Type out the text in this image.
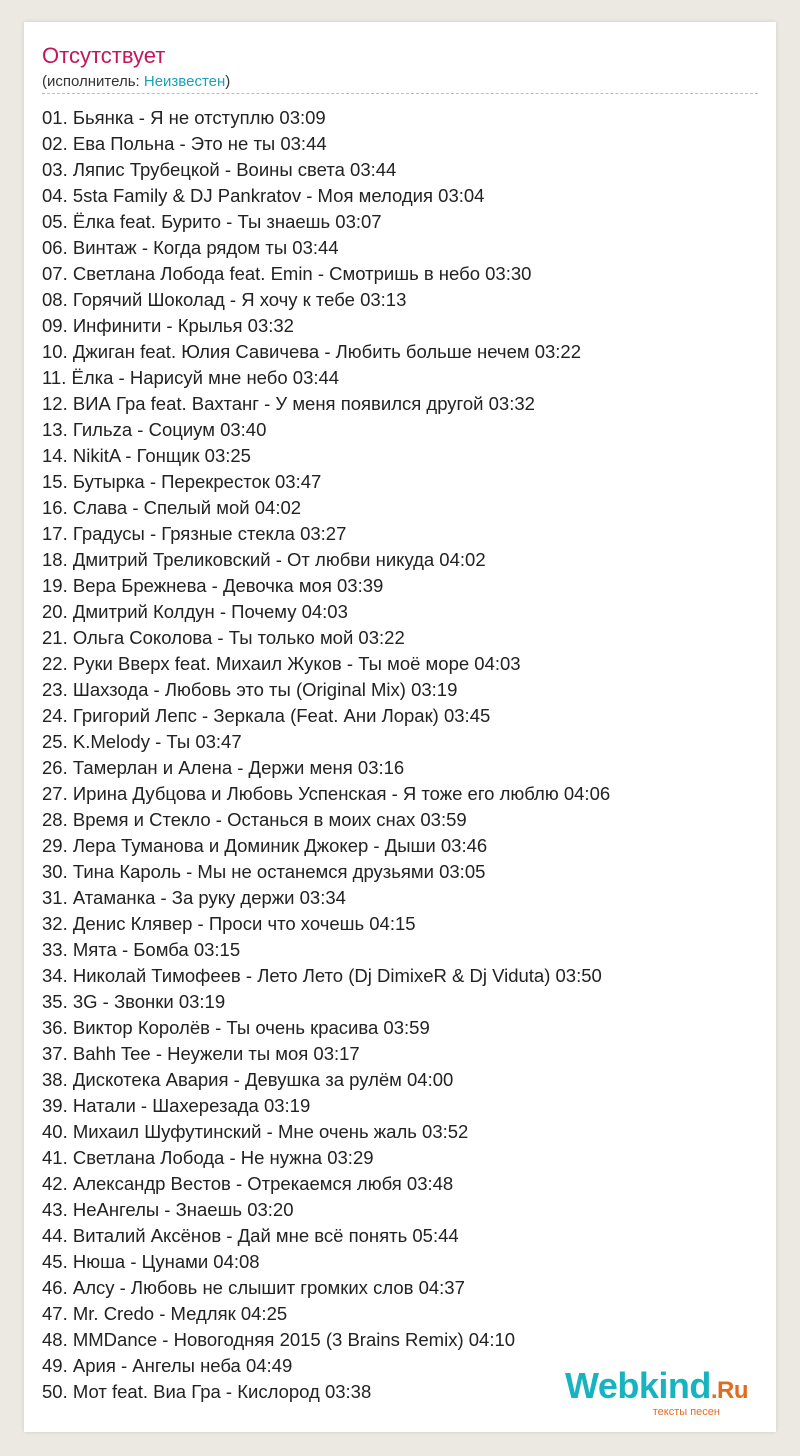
Отсутствует
(исполнитель: Неизвестен)
01. Бьянка - Я не отступлю 03:09
02. Ева Польна - Это не ты 03:44
03. Ляпис Трубецкой - Воины света 03:44
04. 5sta Family & DJ Pankratov - Моя мелодия 03:04
05. Ёлка feat. Бурито - Ты знаешь 03:07
06. Винтаж - Когда рядом ты 03:44
07. Светлана Лобода feat. Emin - Смотришь в небо 03:30
08. Горячий Шоколад - Я хочу к тебе 03:13
09. Инфинити - Крылья 03:32
10. Джиган feat. Юлия Савичева - Любить больше нечем 03:22
11. Ёлка - Нарисуй мне небо 03:44
12. ВИА Гра feat. Вахтанг - У меня появился другой 03:32
13. Гильzа - Социум 03:40
14. NikitA - Гонщик 03:25
15. Бутырка - Перекресток 03:47
16. Слава - Спелый мой 04:02
17. Градусы - Грязные стекла 03:27
18. Дмитрий Треликовский - От любви никуда 04:02
19. Вера Брежнева - Девочка моя 03:39
20. Дмитрий Колдун - Почему 04:03
21. Ольга Соколова - Ты только мой 03:22
22. Руки Вверх feat. Михаил Жуков - Ты моё море 04:03
23. Шахзода - Любовь это ты (Original Mix) 03:19
24. Григорий Лепс - Зеркала (Feat. Ани Лорак) 03:45
25. K.Melody - Ты 03:47
26. Тамерлан и Алена - Держи меня 03:16
27. Ирина Дубцова и Любовь Успенская - Я тоже его люблю 04:06
28. Время и Стекло - Останься в моих снах 03:59
29. Лера Туманова и Доминик Джокер - Дыши 03:46
30. Тина Кароль - Мы не останемся друзьями 03:05
31. Атаманка - За руку держи 03:34
32. Денис Клявер - Проси что хочешь 04:15
33. Мята - Бомба 03:15
34. Николай Тимофеев - Лето Лето (Dj DimixeR & Dj Viduta) 03:50
35. 3G - Звонки 03:19
36. Виктор Королёв - Ты очень красива 03:59
37. Bahh Tee - Неужели ты моя 03:17
38. Дискотека Авария - Девушка за рулём 04:00
39. Натали - Шахерезада 03:19
40. Михаил Шуфутинский - Мне очень жаль 03:52
41. Светлана Лобода - Не нужна 03:29
42. Александр Вестов - Отрекаемся любя 03:48
43. НеАнгелы - Знаешь 03:20
44. Виталий Аксёнов - Дай мне всё понять 05:44
45. Нюша - Цунами 04:08
46. Алсу - Любовь не слышит громких слов 04:37
47. Mr. Credo - Медляк 04:25
48. MMDance - Новогодняя 2015 (3 Brains Remix) 04:10
49. Ария - Ангелы неба 04:49
50. Мот feat. Виа Гра - Кислород 03:38	Webkind.Ru
тексты песен
